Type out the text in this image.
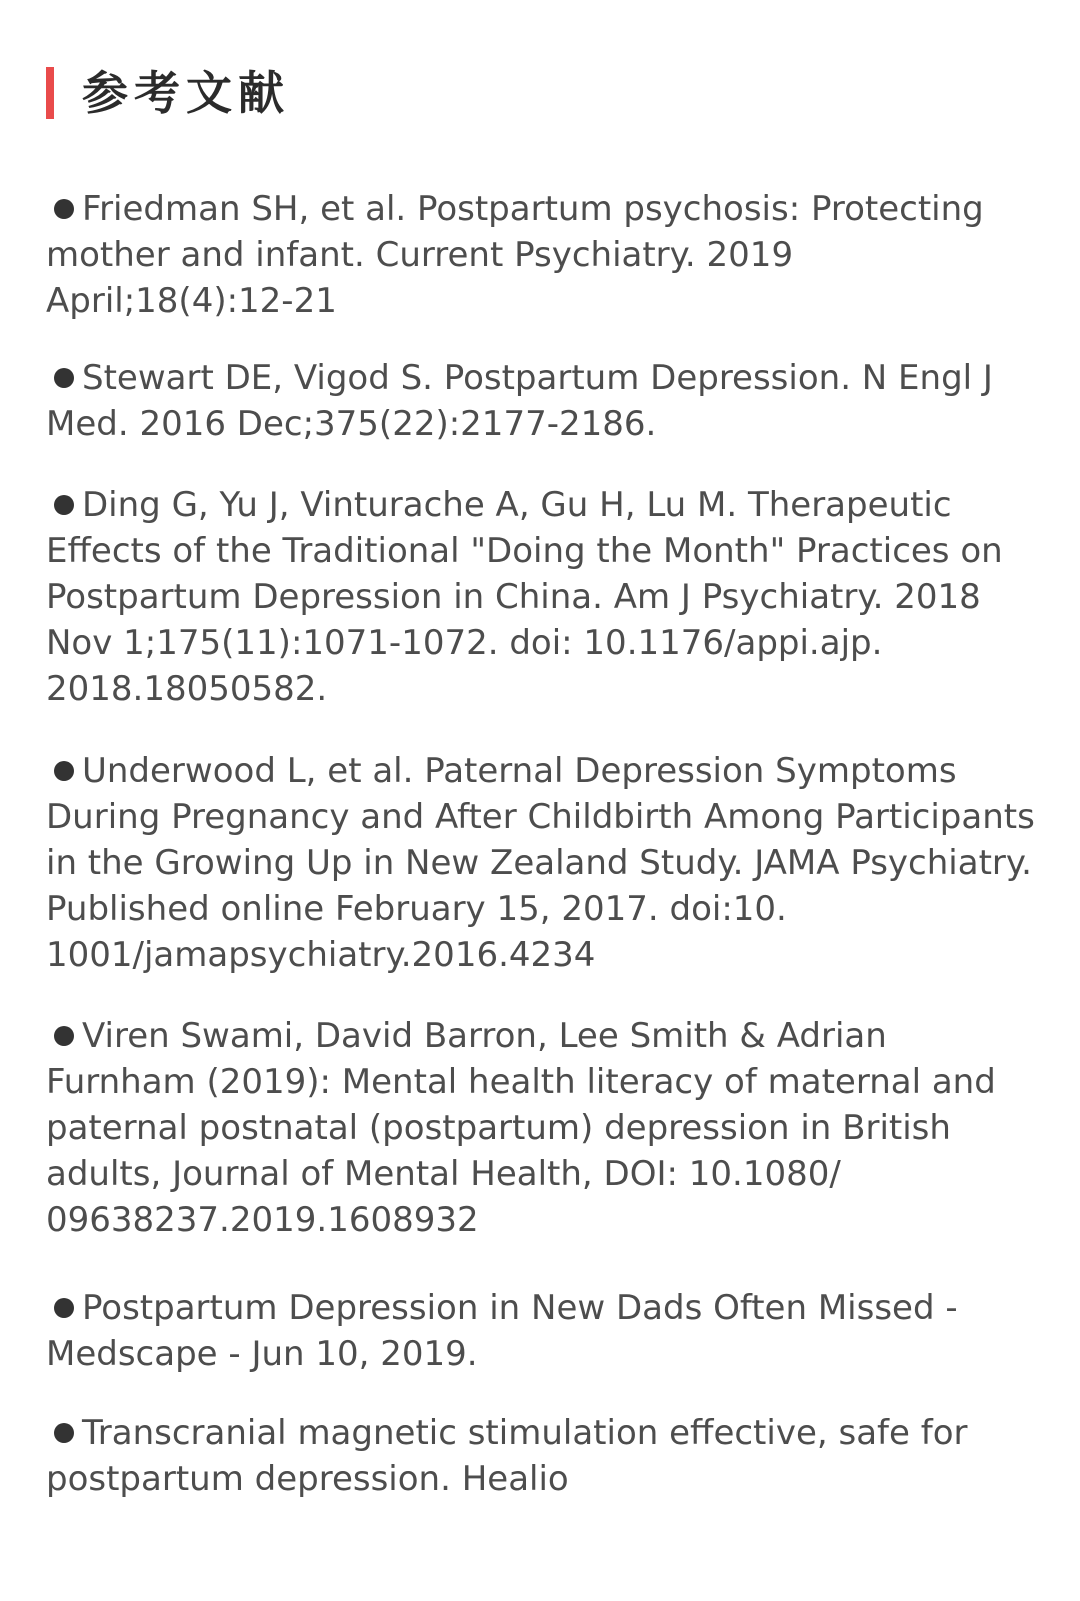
参考文献

Friedman SH, et al. Postpartum psychosis: Protecting mother and infant. Current Psychiatry. 2019 April;18(4):12-21

Stewart DE, Vigod S. Postpartum Depression. N Engl J Med. 2016 Dec;375(22):2177-2186.

Ding G, Yu J, Vinturache A, Gu H, Lu M. Therapeutic Effects of the Traditional "Doing the Month" Practices on Postpartum Depression in China. Am J Psychiatry. 2018 Nov 1;175(11):1071-1072. doi: 10.1176/appi.ajp. 2018.18050582.

Underwood L, et al. Paternal Depression Symptoms During Pregnancy and After Childbirth Among Participants in the Growing Up in New Zealand Study. JAMA Psychiatry. Published online February 15, 2017. doi:10. 1001/jamapsychiatry.2016.4234

Viren Swami, David Barron, Lee Smith & Adrian Furnham (2019): Mental health literacy of maternal and paternal postnatal (postpartum) depression in British adults, Journal of Mental Health, DOI: 10.1080/ 09638237.2019.1608932

Postpartum Depression in New Dads Often Missed - Medscape - Jun 10, 2019.

Transcranial magnetic stimulation effective, safe for postpartum depression. Healio
